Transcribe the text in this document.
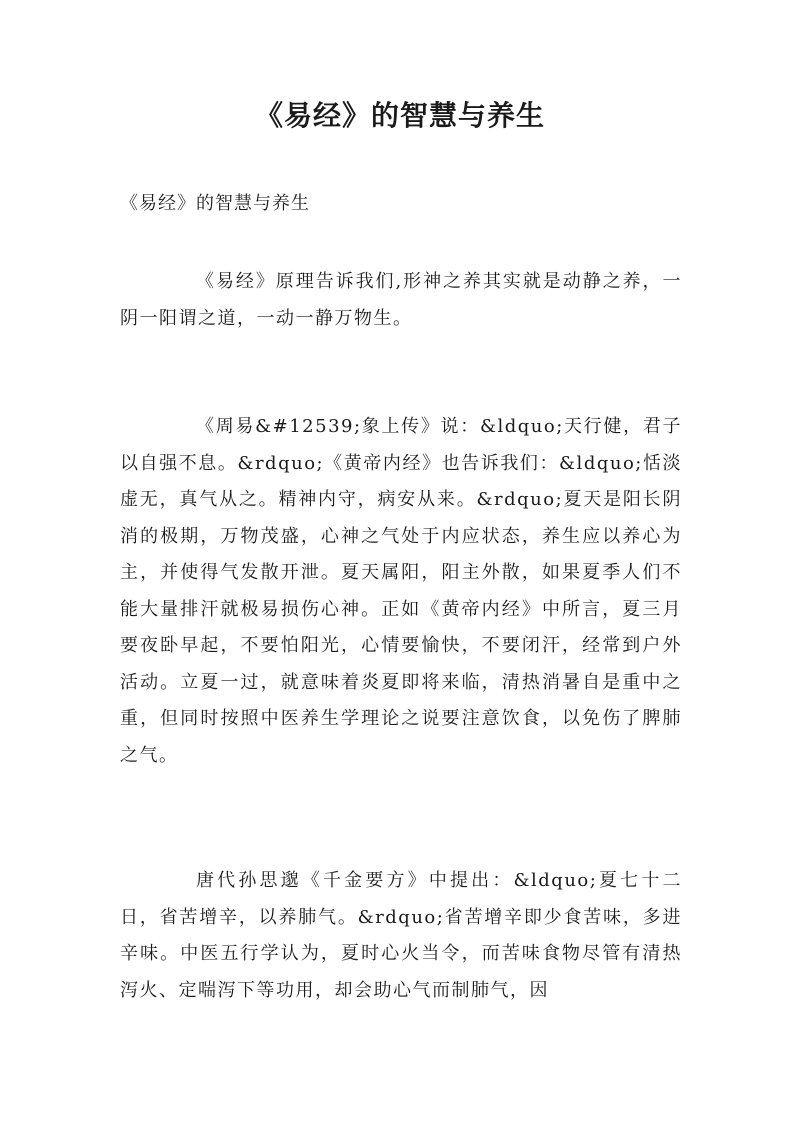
《易经》的智慧与养生
《易经》的智慧与养生

《易经》原理告诉我们,形神之养其实就是动静之养，一阴一阳谓之道，一动一静万物生。

《周易&#12539;象上传》说：&ldquo;天行健，君子以自强不息。&rdquo;《黄帝内经》也告诉我们：&ldquo;恬淡虚无，真气从之。精神内守，病安从来。&rdquo;夏天是阳长阴消的极期，万物茂盛，心神之气处于内应状态，养生应以养心为主，并使得气发散开泄。夏天属阳，阳主外散，如果夏季人们不能大量排汗就极易损伤心神。正如《黄帝内经》中所言，夏三月要夜卧早起，不要怕阳光，心情要愉快，不要闭汗，经常到户外活动。立夏一过，就意味着炎夏即将来临，清热消暑自是重中之重，但同时按照中医养生学理论之说要注意饮食，以免伤了脾肺之气。

唐代孙思邈《千金要方》中提出：&ldquo;夏七十二日，省苦增辛，以养肺气。&rdquo;省苦增辛即少食苦味，多进辛味。中医五行学认为，夏时心火当令，而苦味食物尽管有清热泻火、定喘泻下等功用，却会助心气而制肺气，因
